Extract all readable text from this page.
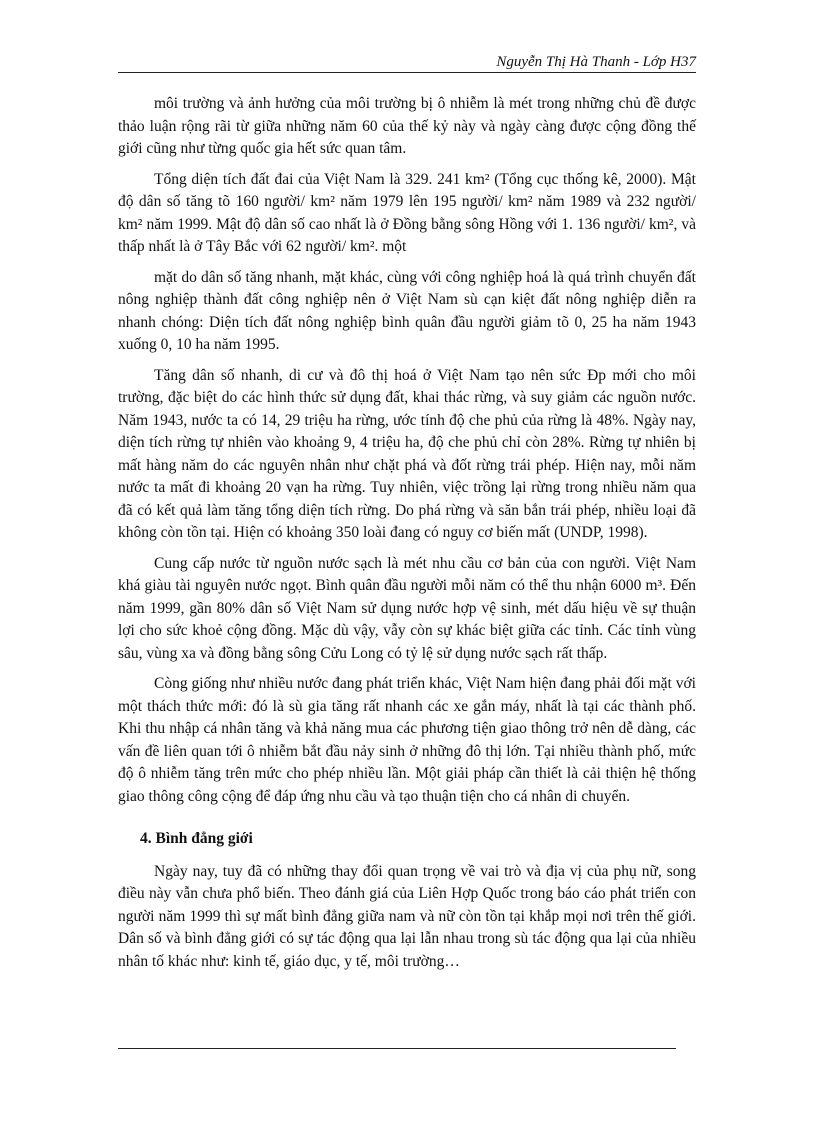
Nguyễn Thị Hà Thanh - Lớp H37

môi trường và ảnh hưởng của môi trường bị ô nhiễm là mét trong những chủ đề được thảo luận rộng rãi từ giữa những năm 60 của thế kỷ này và ngày càng được cộng đồng thế giới cũng như từng quốc gia hết sức quan tâm.

Tổng diện tích đất đai của Việt Nam là 329. 241 km² (Tổng cục thống kê, 2000). Mật độ dân số tăng tõ 160 người/ km² năm 1979 lên 195 người/ km² năm 1989 và 232 người/ km² năm 1999. Mật độ dân số cao nhất là ở Đồng bằng sông Hồng với 1. 136 người/ km², và thấp nhất là ở Tây Bắc với 62 người/ km². một

mặt do dân số tăng nhanh, mặt khác, cùng với công nghiệp hoá là quá trình chuyển đất nông nghiệp thành đất công nghiệp nên ở Việt Nam sù cạn kiệt đất nông nghiệp diễn ra nhanh chóng: Diện tích đất nông nghiệp bình quân đầu người giảm tõ 0, 25 ha năm 1943 xuống 0, 10 ha năm 1995.

Tăng dân số nhanh, di cư và đô thị hoá ở Việt Nam tạo nên sức Ðp mới cho môi trường, đặc biệt do các hình thức sử dụng đất, khai thác rừng, và suy giảm các nguồn nước. Năm 1943, nước ta có 14, 29 triệu ha rừng, ước tính độ che phủ của rừng là 48%. Ngày nay, diện tích rừng tự nhiên vào khoảng 9, 4 triệu ha, độ che phủ chỉ còn 28%. Rừng tự nhiên bị mất hàng năm do các nguyên nhân như chặt phá và đốt rừng trái phép. Hiện nay, mỗi năm nước ta mất đi khoảng 20 vạn ha rừng. Tuy nhiên, việc trồng lại rừng trong nhiều năm qua đã có kết quả làm tăng tổng diện tích rừng. Do phá rừng và săn bắn trái phép, nhiều loại đã không còn tồn tại. Hiện có khoảng 350 loài đang có nguy cơ biến mất (UNDP, 1998).

Cung cấp nước từ nguồn nước sạch là mét nhu cầu cơ bản của con người. Việt Nam khá giàu tài nguyên nước ngọt. Bình quân đầu người mỗi năm có thể thu nhận 6000 m³. Đến năm 1999, gần 80% dân số Việt Nam sử dụng nước hợp vệ sinh, mét dấu hiệu về sự thuận lợi cho sức khoẻ cộng đồng. Mặc dù vậy, vẫy còn sự khác biệt giữa các tỉnh. Các tỉnh vùng sâu, vùng xa và đồng bằng sông Cửu Long có tỷ lệ sử dụng nước sạch rất thấp.

Còng giống như nhiều nước đang phát triển khác, Việt Nam hiện đang phải đối mặt với một thách thức mới: đó là sù gia tăng rất nhanh các xe gắn máy, nhất là tại các thành phố. Khi thu nhập cá nhân tăng và khả năng mua các phương tiện giao thông trở nên dễ dàng, các vấn đề liên quan tới ô nhiễm bắt đầu nảy sinh ở những đô thị lớn. Tại nhiều thành phố, mức độ ô nhiễm tăng trên mức cho phép nhiều lần. Một giải pháp cần thiết là cải thiện hệ thống giao thông công cộng để đáp ứng nhu cầu và tạo thuận tiện cho cá nhân di chuyển.

4. Bình đẳng giới

Ngày nay, tuy đã có những thay đổi quan trọng về vai trò và địa vị của phụ nữ, song điều này vẫn chưa phổ biến. Theo đánh giá của Liên Hợp Quốc trong báo cáo phát triển con người năm 1999 thì sự mất bình đẳng giữa nam và nữ còn tồn tại khắp mọi nơi trên thế giới. Dân số và bình đẳng giới có sự tác động qua lại lẫn nhau trong sù tác động qua lại của nhiều nhân tố khác như: kinh tế, giáo dục, y tế, môi trường…
